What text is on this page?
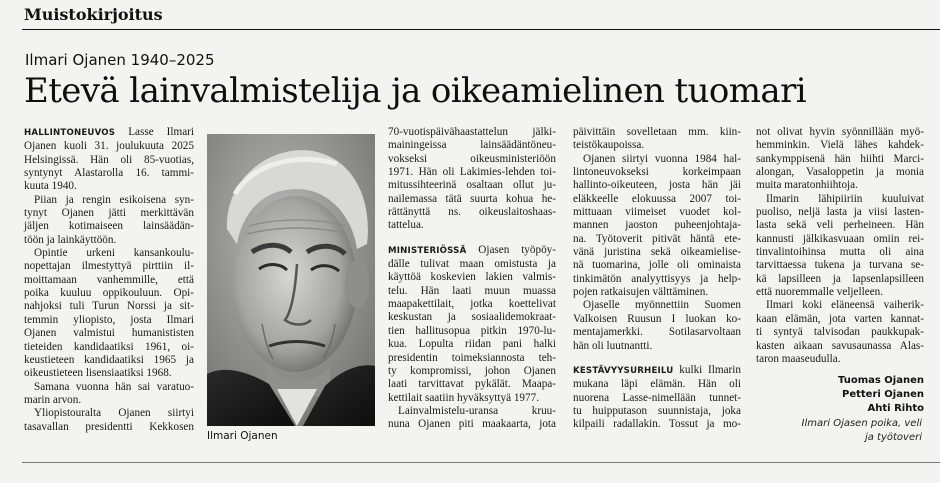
Muistokirjoitus
Ilmari Ojanen 1940–2025
Etevä lainvalmistelija ja oikeamielinen tuomari
HALLINTONEUVOS Lasse Ilmari
Ojanen kuoli 31. joulukuuta 2025
Helsingissä. Hän oli 85-vuotias,
syntynyt Alastarolla 16. tammi-
kuuta 1940.
Piian ja rengin esikoisena syn-
tynyt Ojanen jätti merkittävän
jäljen kotimaiseen lainsäädän-
töön ja lainkäyttöön.
Opintie urkeni kansankoulu-
nopettajan ilmestyttyä pirttiin il-
moittamaan vanhemmille, että
poika kuuluu oppikouluun. Opi-
nahjoksi tuli Turun Norssi ja sit-
temmin yliopisto, josta Ilmari
Ojanen valmistui humanististen
tieteiden kandidaatiksi 1961, oi-
keustieteen kandidaatiksi 1965 ja
oikeustieteen lisensiaatiksi 1968.
Samana vuonna hän sai varatuo-
marin arvon.
Yliopistouralta Ojanen siirtyi
tasavallan presidentti Kekkosen
Ilmari Ojanen
70-vuotispäivähaastattelun jälki-
mainingeissa lainsäädäntöneu-
vokseksi oikeusministeriöön
1971. Hän oli Lakimies-lehden toi-
mitussihteerinä osaltaan ollut ju-
nailemassa tätä suurta kohua he-
rättänyttä ns. oikeuslaitoshaas-
tattelua.
MINISTERIÖSSÄ Ojasen työpöy-
dälle tulivat maan omistusta ja
käyttöä koskevien lakien valmis-
telu. Hän laati muun muassa
maapakettilait, jotka koettelivat
keskustan ja sosiaalidemokraat-
tien hallitusopua pitkin 1970-lu-
kua. Lopulta riidan pani halki
presidentin toimeksiannosta teh-
ty kompromissi, johon Ojanen
laati tarvittavat pykälät. Maapa-
kettilait saatiin hyväksyttyä 1977.
Lainvalmistelu-uransa kruu-
nuna Ojanen piti maakaarta, jota
päivittäin sovelletaan mm. kiin-
teistökaupoissa.
Ojanen siirtyi vuonna 1984 hal-
lintoneuvokseksi korkeimpaan
hallinto-oikeuteen, josta hän jäi
eläkkeelle elokuussa 2007 toi-
mittuaan viimeiset vuodet kol-
mannen jaoston puheenjohtaja-
na. Työtoverit pitivät häntä ete-
vänä juristina sekä oikeamielise-
nä tuomarina, jolle oli ominaista
tinkimätön analyyttisyys ja help-
pojen ratkaisujen välttäminen.
Ojaselle myönnettiin Suomen
Valkoisen Ruusun I luokan ko-
mentajamerkki. Sotilasarvoltaan
hän oli luutnantti.
KESTÄVYYSURHEILU kulki Ilmarin
mukana läpi elämän. Hän oli
nuorena Lasse-nimellään tunnet-
tu huipputason suunnistaja, joka
kilpaili radallakin. Tossut ja mo-
not olivat hyvin syönnillään myö-
hemminkin. Vielä lähes kahdek-
sankymppisenä hän hiihti Marci-
alongan, Vasaloppetin ja monia
muita maratonhiihtoja.
Ilmarin lähipiiriin kuuluivat
puoliso, neljä lasta ja viisi lasten-
lasta sekä veli perheineen. Hän
kannusti jälkikasvuaan omiin rei-
tinvalintoihinsa mutta oli aina
tarvittaessa tukena ja turvana se-
kä lapsilleen ja lapsenlapsilleen
että nuoremmalle veljelleen.
Ilmari koki eläneensä vaiherik-
kaan elämän, jota varten kannat-
ti syntyä talvisodan paukkupak-
kasten aikaan savusaunassa Alas-
taron maaseudulla.
Tuomas Ojanen
Petteri Ojanen
Ahti Rihto
Ilmari Ojasen poika, veli
ja työtoveri
